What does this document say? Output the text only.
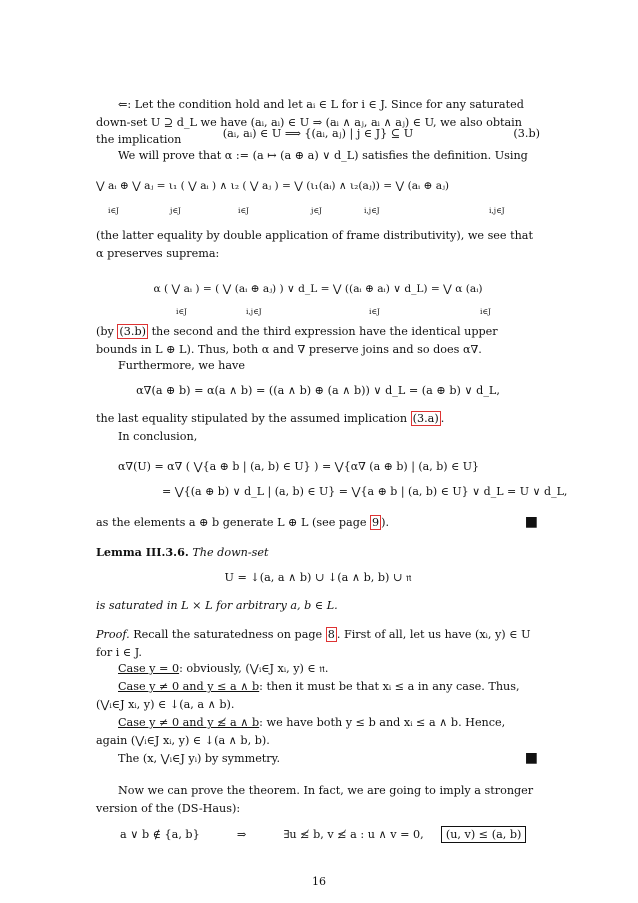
⇐: Let the condition hold and let aᵢ ∈ L for i ∈ J. Since for any saturated down-set U ⊇ d_L we have (aᵢ, aᵢ) ∈ U ⇒ (aᵢ ∧ aⱼ, aᵢ ∧ aⱼ) ∈ U, we also obtain the implication	(aᵢ, aᵢ) ∈ U ⟹ {(aᵢ, aⱼ) | j ∈ J} ⊆ U	(3.b)
We will prove that α := (a ↦ (a ⊕ a) ∨ d_L) satisfies the definition. Using
⋁ aᵢ ⊕ ⋁ aⱼ = ι₁ ( ⋁ aᵢ ) ∧ ι₂ ( ⋁ aⱼ ) = ⋁ (ι₁(aᵢ) ∧ ι₂(aⱼ)) = ⋁ (aᵢ ⊕ aⱼ)
i∈J	j∈J	i∈J	j∈J	i,j∈J	i,j∈J
(the latter equality by double application of frame distributivity), we see that α preserves suprema:
α ( ⋁ aᵢ ) = ( ⋁ (aᵢ ⊕ aⱼ) ) ∨ d_L = ⋁ ((aᵢ ⊕ aᵢ) ∨ d_L) = ⋁ α (aᵢ)
i∈J	i,j∈J	i∈J	i∈J
(by (3.b) the second and the third expression have the identical upper bounds in L ⊕ L). Thus, both α and ∇ preserve joins and so does α∇.
Furthermore, we have
α∇(a ⊕ b) = α(a ∧ b) = ((a ∧ b) ⊕ (a ∧ b)) ∨ d_L = (a ⊕ b) ∨ d_L,
the last equality stipulated by the assumed implication (3.a) .
In conclusion,
α∇(U) = α∇ ( ⋁{a ⊕ b | (a, b) ∈ U} ) = ⋁{α∇ (a ⊕ b) | (a, b) ∈ U}
= ⋁{(a ⊕ b) ∨ d_L | (a, b) ∈ U} = ⋁{a ⊕ b | (a, b) ∈ U} ∨ d_L = U ∨ d_L,
as the elements a ⊕ b generate L ⊕ L (see page 9 ).	■
Lemma III.3.6. The down-set
U = ↓(a, a ∧ b) ∪ ↓(a ∧ b, b) ∪ 𝔫
is saturated in L × L for arbitrary a, b ∈ L.
Proof. Recall the saturatedness on page 8 . First of all, let us have (xᵢ, y) ∈ U for i ∈ J.
Case y = 0: obviously, (⋁ᵢ∈J xᵢ, y) ∈ 𝔫.
Case y ≠ 0 and y ≤ a ∧ b: then it must be that xᵢ ≤ a in any case. Thus, (⋁ᵢ∈J xᵢ, y) ∈ ↓(a, a ∧ b).
Case y ≠ 0 and y ≰ a ∧ b: we have both y ≤ b and xᵢ ≤ a ∧ b. Hence, again (⋁ᵢ∈J xᵢ, y) ∈ ↓(a ∧ b, b).
The (x, ⋁ᵢ∈J yᵢ) by symmetry.	■
Now we can prove the theorem. In fact, we are going to imply a stronger version of the (DS-Haus):
a ∨ b ∉ {a, b}	⇒	∃u ≰ b, v ≰ a : u ∧ v = 0, (u, v) ≤ (a, b)
16
